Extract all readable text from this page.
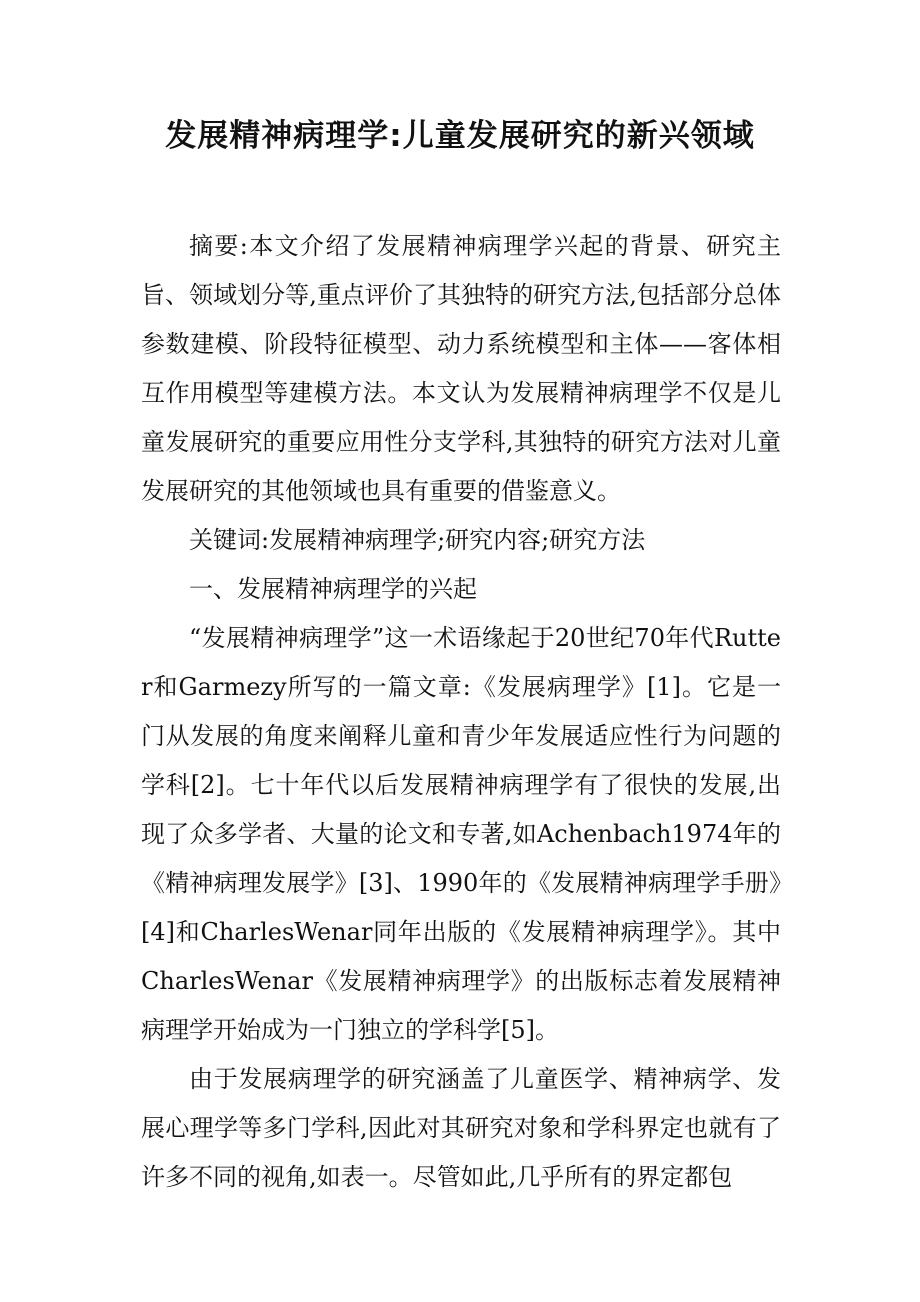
发展精神病理学:儿童发展研究的新兴领域

摘要:本文介绍了发展精神病理学兴起的背景、研究主旨、领域划分等,重点评价了其独特的研究方法,包括部分总体参数建模、阶段特征模型、动力系统模型和主体——客体相互作用模型等建模方法。本文认为发展精神病理学不仅是儿童发展研究的重要应用性分支学科,其独特的研究方法对儿童发展研究的其他领域也具有重要的借鉴意义。

关键词:发展精神病理学;研究内容;研究方法

一、发展精神病理学的兴起

“发展精神病理学”这一术语缘起于20世纪70年代Rutter和Garmezy所写的一篇文章:《发展病理学》[1]。它是一门从发展的角度来阐释儿童和青少年发展适应性行为问题的学科[2]。七十年代以后发展精神病理学有了很快的发展,出现了众多学者、大量的论文和专著,如Achenbach1974年的《精神病理发展学》[3]、1990年的《发展精神病理学手册》[4]和CharlesWenar同年出版的《发展精神病理学》。其中CharlesWenar《发展精神病理学》的出版标志着发展精神病理学开始成为一门独立的学科学[5]。

由于发展病理学的研究涵盖了儿童医学、精神病学、发展心理学等多门学科,因此对其研究对象和学科界定也就有了许多不同的视角,如表一。尽管如此,几乎所有的界定都包
